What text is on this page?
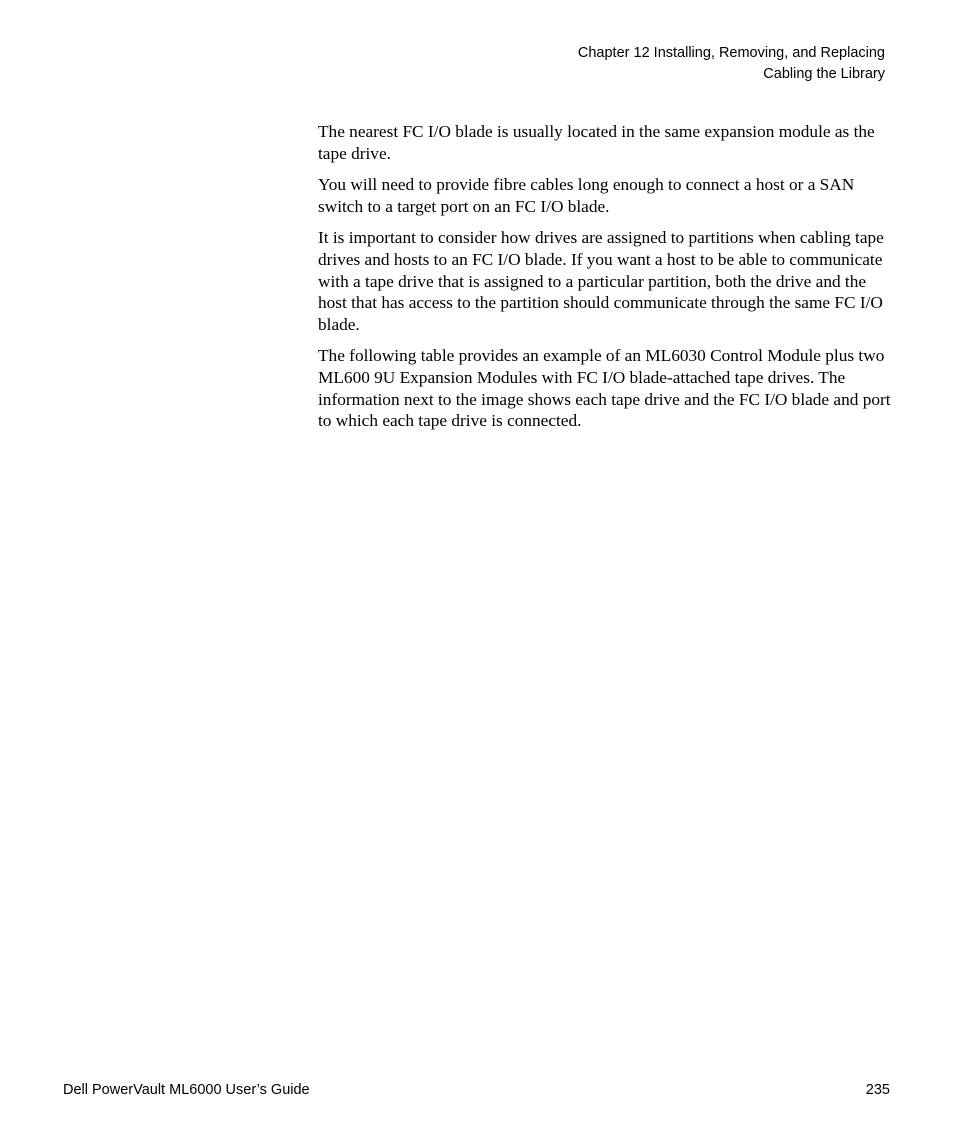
Chapter 12 Installing, Removing, and Replacing
Cabling the Library

The nearest FC I/O blade is usually located in the same expansion module as the tape drive.

You will need to provide fibre cables long enough to connect a host or a SAN switch to a target port on an FC I/O blade.

It is important to consider how drives are assigned to partitions when cabling tape drives and hosts to an FC I/O blade. If you want a host to be able to communicate with a tape drive that is assigned to a particular partition, both the drive and the host that has access to the partition should communicate through the same FC I/O blade.

The following table provides an example of an ML6030 Control Module plus two ML600 9U Expansion Modules with FC I/O blade-attached tape drives. The information next to the image shows each tape drive and the FC I/O blade and port to which each tape drive is connected.

Dell PowerVault ML6000 User’s Guide	235
